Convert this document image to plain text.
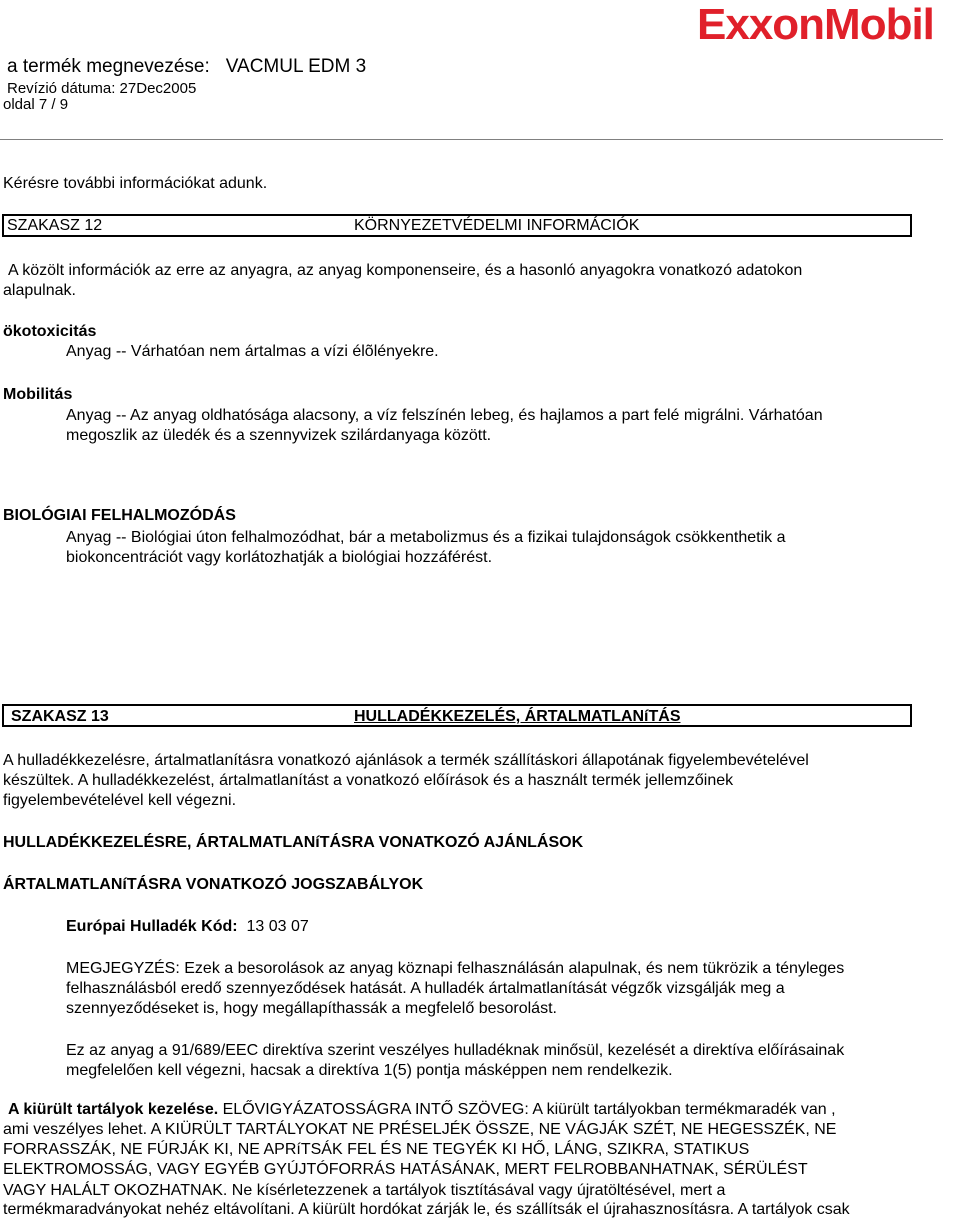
ExxonMobil
a termék megnevezése: VACMUL EDM 3
Revízió dátuma: 27Dec2005
oldal 7 / 9
Kérésre további információkat adunk.
SZAKASZ 12	KÖRNYEZETVÉDELMI INFORMÁCIÓK
A közölt információk az erre az anyagra, az anyag komponenseire, és a hasonló anyagokra vonatkozó adatokon
alapulnak.
ökotoxicitás
Anyag -- Várhatóan nem ártalmas a vízi élõlényekre.
Mobilitás
Anyag -- Az anyag oldhatósága alacsony, a víz felszínén lebeg, és hajlamos a part felé migrálni. Várhatóan
megoszlik az üledék és a szennyvizek szilárdanyaga között.
BIOLÓGIAI FELHALMOZÓDÁS
Anyag -- Biológiai úton felhalmozódhat, bár a metabolizmus és a fizikai tulajdonságok csökkenthetik a
biokoncentrációt vagy korlátozhatják a biológiai hozzáférést.
SZAKASZ 13	HULLADÉKKEZELÉS, ÁRTALMATLANíTÁS
A hulladékkezelésre, ártalmatlanításra vonatkozó ajánlások a termék szállításkori állapotának figyelembevételével
készültek. A hulladékkezelést, ártalmatlanítást a vonatkozó előírások és a használt termék jellemzőinek
figyelembevételével kell végezni.
HULLADÉKKEZELÉSRE, ÁRTALMATLANíTÁSRA VONATKOZÓ AJÁNLÁSOK
ÁRTALMATLANíTÁSRA VONATKOZÓ JOGSZABÁLYOK
Európai Hulladék Kód: 13 03 07
MEGJEGYZÉS: Ezek a besorolások az anyag köznapi felhasználásán alapulnak, és nem tükrözik a tényleges
felhasználásból eredő szennyeződések hatását. A hulladék ártalmatlanítását végzők vizsgálják meg a
szennyeződéseket is, hogy megállapíthassák a megfelelő besorolást.
Ez az anyag a 91/689/EEC direktíva szerint veszélyes hulladéknak minősül, kezelését a direktíva előírásainak
megfelelően kell végezni, hacsak a direktíva 1(5) pontja másképpen nem rendelkezik.
A kiürült tartályok kezelése. ELŐVIGYÁZATOSSÁGRA INTŐ SZÖVEG: A kiürült tartályokban termékmaradék van ,
ami veszélyes lehet. A KIÜRÜLT TARTÁLYOKAT NE PRÉSELJÉK ÖSSZE, NE VÁGJÁK SZÉT, NE HEGESSZÉK, NE
FORRASSZÁK, NE FÚRJÁK KI, NE APRíTSÁK FEL ÉS NE TEGYÉK KI HŐ, LÁNG, SZIKRA, STATIKUS
ELEKTROMOSSÁG, VAGY EGYÉB GYÚJTÓFORRÁS HATÁSÁNAK, MERT FELROBBANHATNAK, SÉRÜLÉST
VAGY HALÁLT OKOZHATNAK. Ne kísérletezzenek a tartályok tisztításával vagy újratöltésével, mert a
termékmaradványokat nehéz eltávolítani. A kiürült hordókat zárják le, és szállítsák el újrahasznosításra. A tartályok csak
